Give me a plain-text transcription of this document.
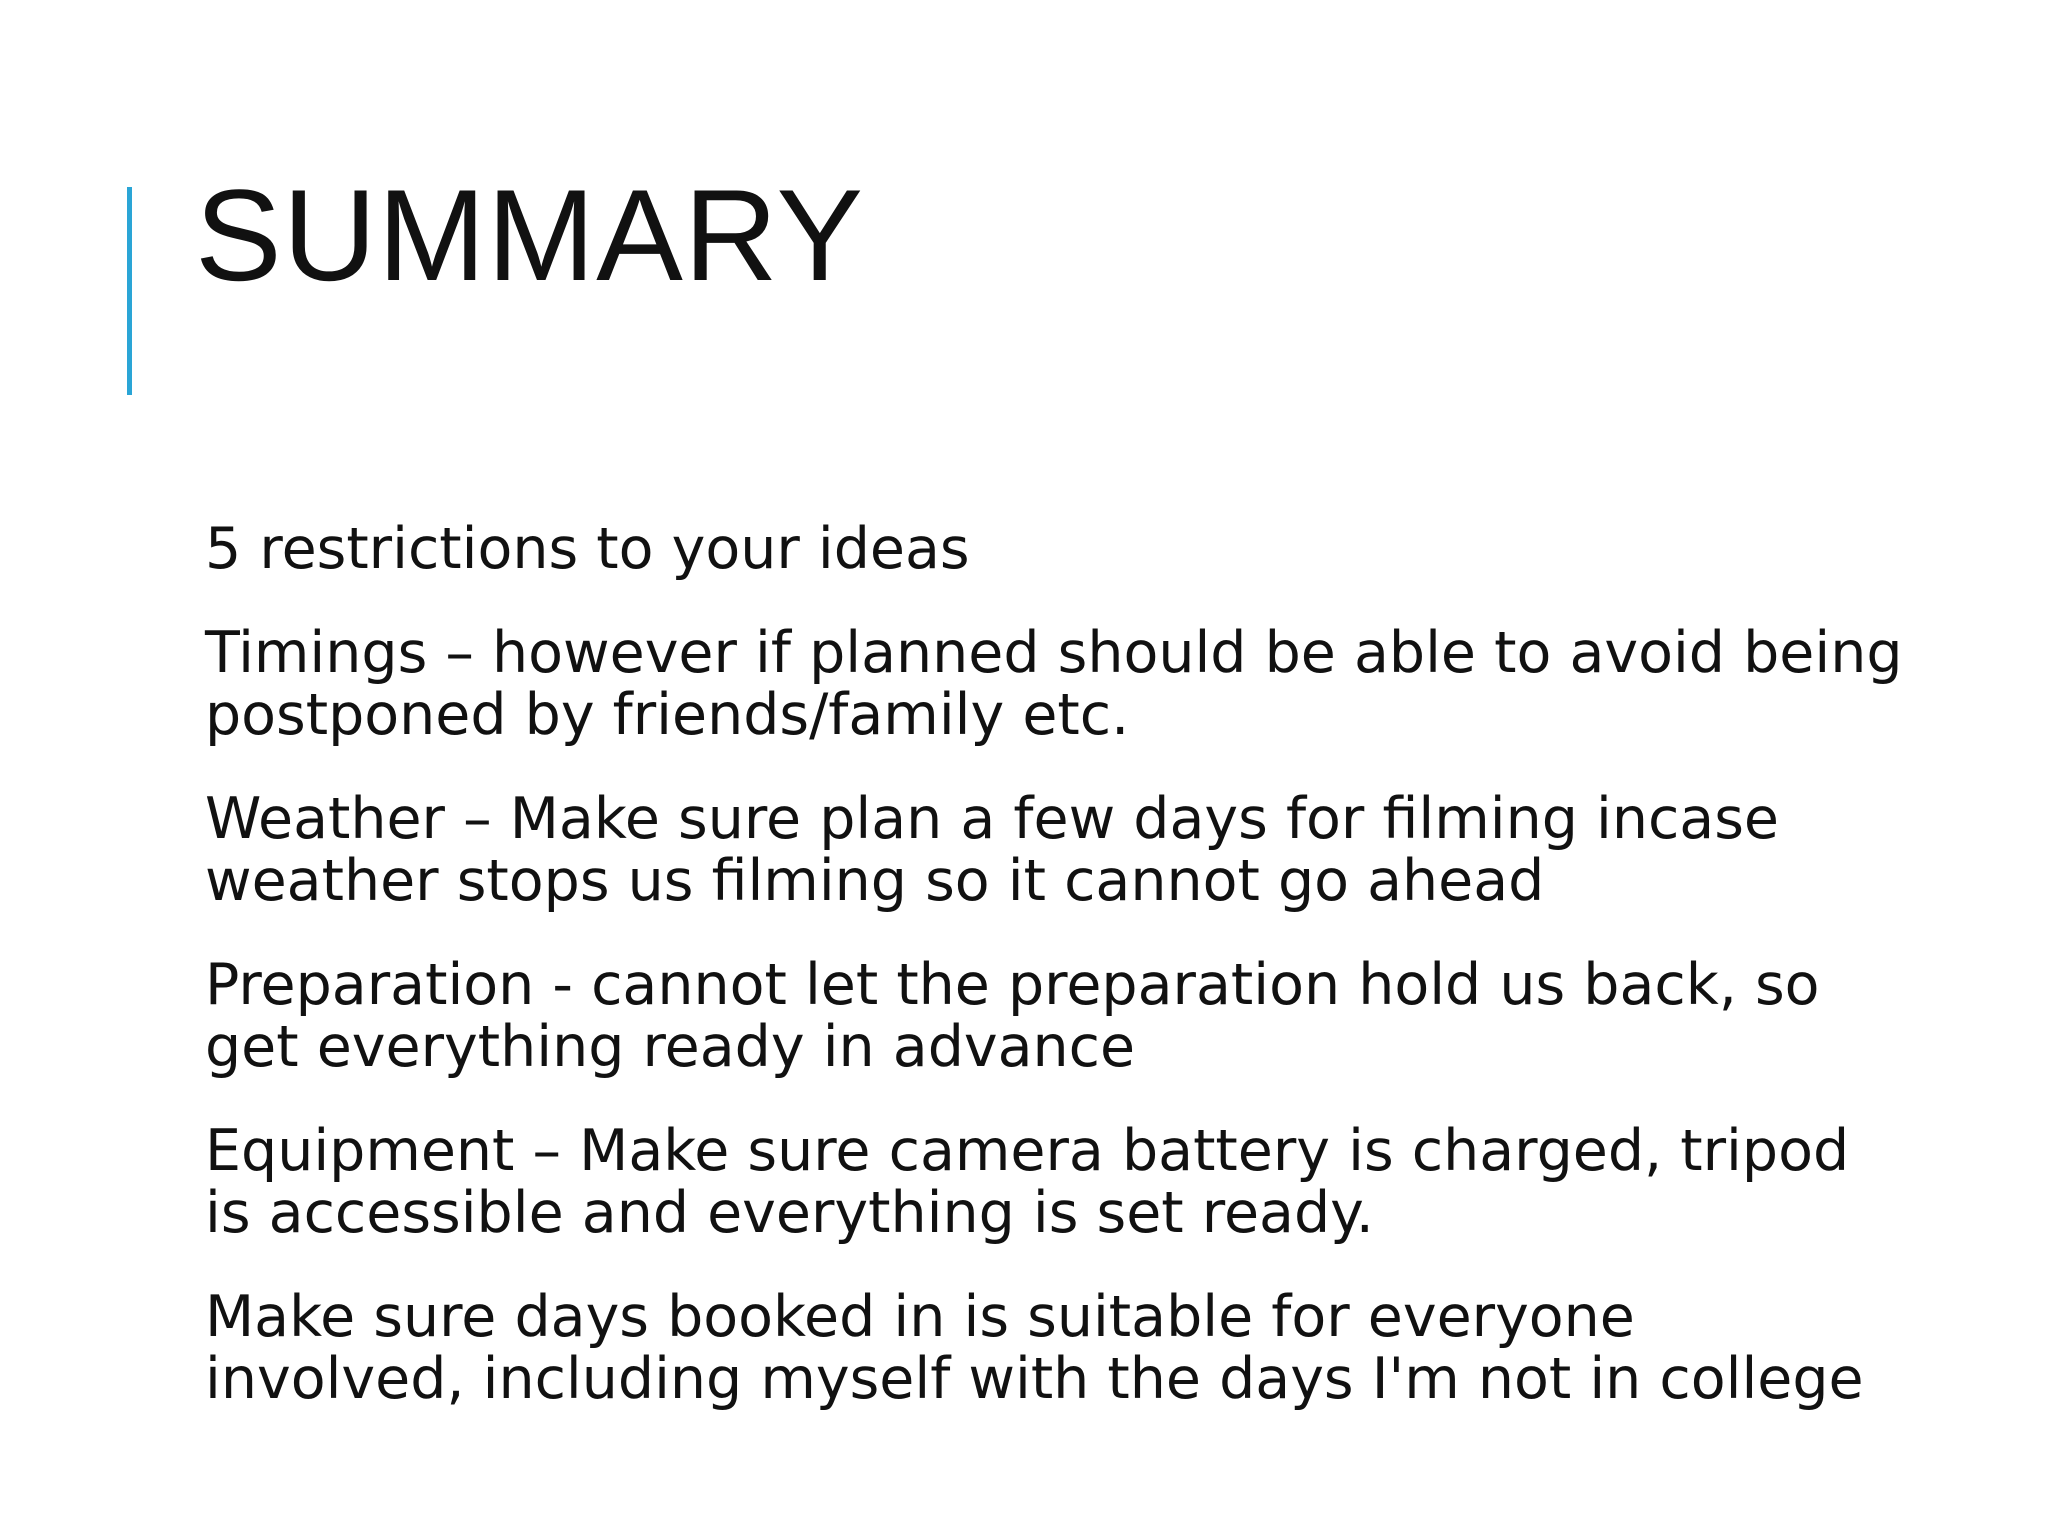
SUMMARY
5 restrictions to your ideas
Timings – however if planned should be able to avoid being postponed by friends/family etc.
Weather – Make sure plan a few days for filming incase weather stops us filming so it cannot go ahead
Preparation - cannot let the preparation hold us back, so get everything ready in advance
Equipment – Make sure camera battery is charged, tripod is accessible and everything is set ready.
Make sure days booked in is suitable for everyone involved, including myself with the days I'm not in college
